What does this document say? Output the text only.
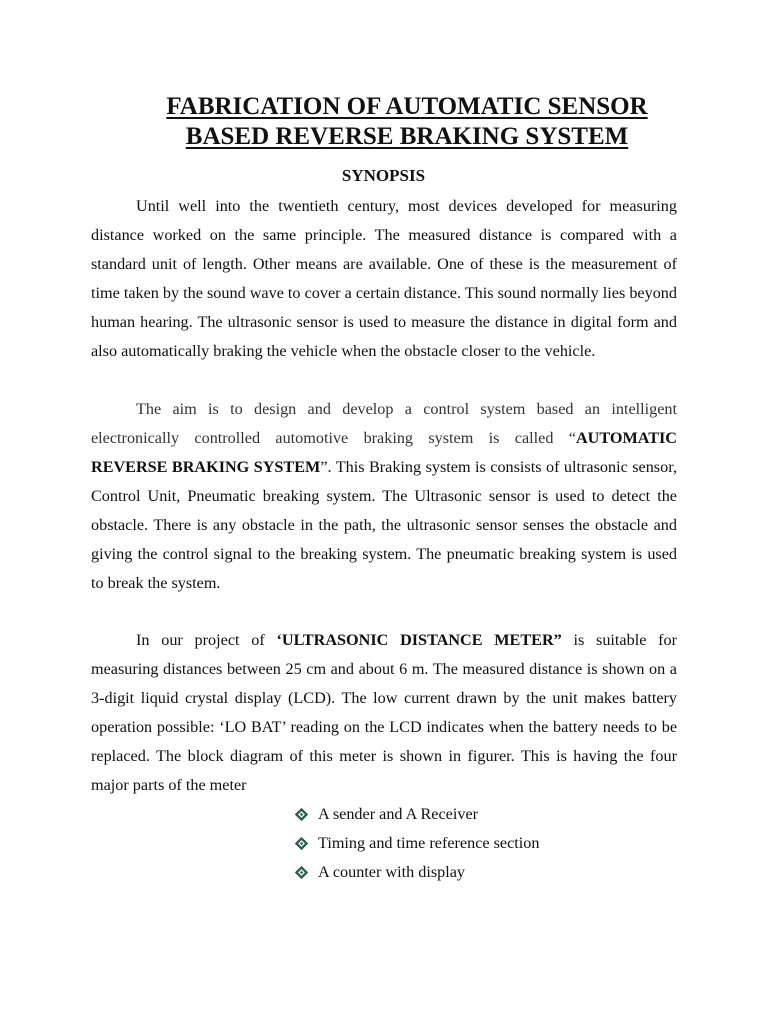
FABRICATION OF AUTOMATIC SENSOR
BASED REVERSE BRAKING SYSTEM
SYNOPSIS

Until well into the twentieth century, most devices developed for measuring distance worked on the same principle. The measured distance is compared with a standard unit of length. Other means are available. One of these is the measurement of time taken by the sound wave to cover a certain distance. This sound normally lies beyond human hearing. The ultrasonic sensor is used to measure the distance in digital form and also automatically braking the vehicle when the obstacle closer to the vehicle.

The aim is to design and develop a control system based an intelligent electronically controlled automotive braking system is called “AUTOMATIC REVERSE BRAKING SYSTEM”. This Braking system is consists of ultrasonic sensor, Control Unit, Pneumatic breaking system. The Ultrasonic sensor is used to detect the obstacle. There is any obstacle in the path, the ultrasonic sensor senses the obstacle and giving the control signal to the breaking system. The pneumatic breaking system is used to break the system.

In our project of ‘ULTRASONIC DISTANCE METER” is suitable for measuring distances between 25 cm and about 6 m. The measured distance is shown on a 3-digit liquid crystal display (LCD). The low current drawn by the unit makes battery operation possible: ‘LO BAT’ reading on the LCD indicates when the battery needs to be replaced. The block diagram of this meter is shown in figurer. This is having the four major parts of the meter

A sender and A Receiver
Timing and time reference section
A counter with display
